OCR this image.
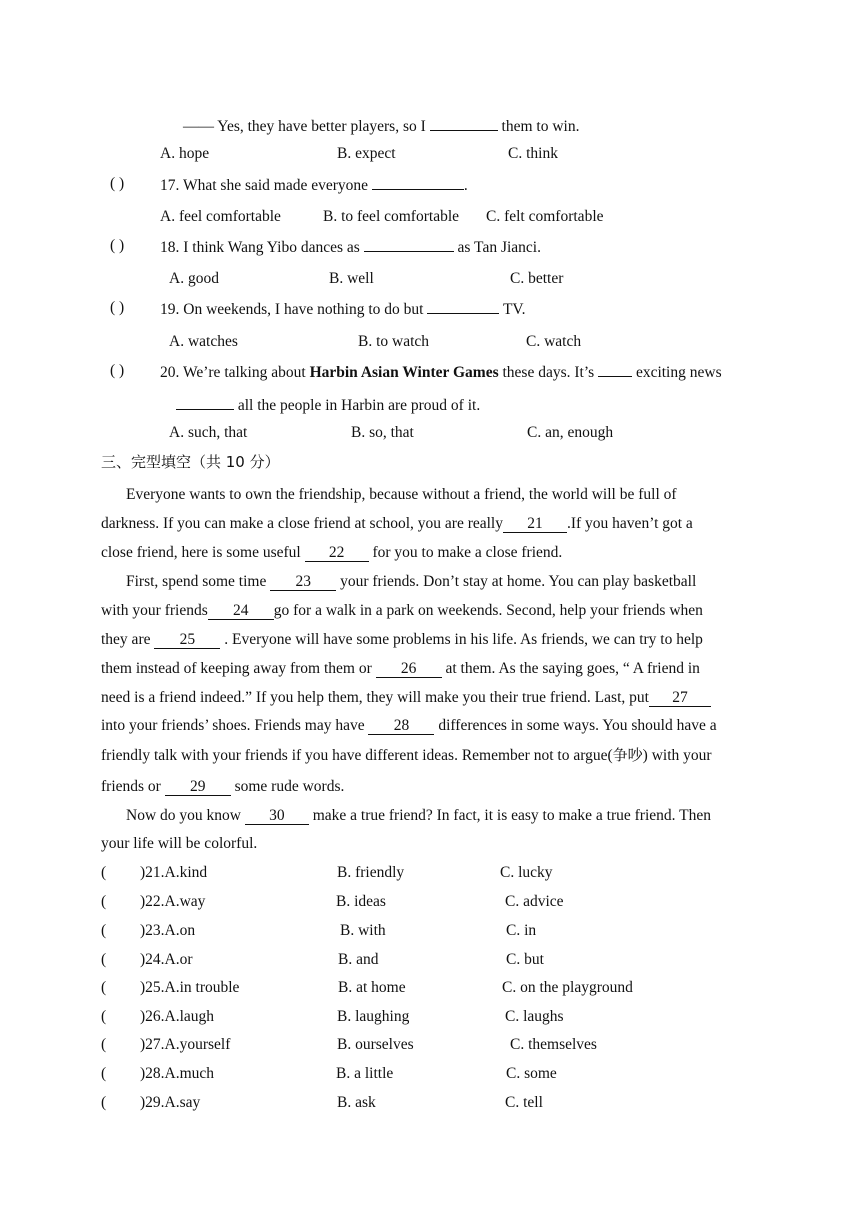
—— Yes, they have better players, so I	them to win.
A. hope	B. expect	C. think
( ) 17. What she said made everyone	.
A. feel comfortable	B. to feel comfortable C. felt comfortable
( ) 18. I think Wang Yibo dances as	as Tan Jianci.
A. good	B. well	C. better
( ) 19. On weekends, I have nothing to do but	TV.
A. watches	B. to watch	C. watch
( ) 20. We’re talking about Harbin Asian Winter Games these days. It’s  exciting news
all the people in Harbin are proud of it.
A. such, that	B. so, that	C. an, enough
三、完型填空（共 10 分）
Everyone wants to own the friendship, because without a friend, the world will be full of
darkness. If you can make a close friend at school, you are really 21 .If you haven’t got a
close friend, here is some useful 22 for you to make a close friend.
First, spend some time 23 your friends. Don’t stay at home. You can play basketball
with your friends 24 go for a walk in a park on weekends. Second, help your friends when
they are 25 . Everyone will have some problems in his life. As friends, we can try to help
them instead of keeping away from them or 26 at them. As the saying goes, “ A friend in
need is a friend indeed.” If you help them, they will make you their true friend. Last, put 27
into your friends’ shoes. Friends may have 28 differences in some ways. You should have a
friendly talk with your friends if you have different ideas. Remember not to argue(争吵) with your
friends or 29 some rude words.
Now do you know 30 make a true friend? In fact, it is easy to make a true friend. Then
your life will be colorful.
( )21.A.kind	B. friendly	C. lucky
( )22.A.way	B. ideas	C. advice
( )23.A.on	B. with	C. in
( )24.A.or	B. and	C. but
( )25.A.in trouble	B. at home	C. on the playground
( )26.A.laugh	B. laughing	C. laughs
( )27.A.yourself	B. ourselves	C. themselves
( )28.A.much	B. a little	C. some
( )29.A.say	B. ask	C. tell
